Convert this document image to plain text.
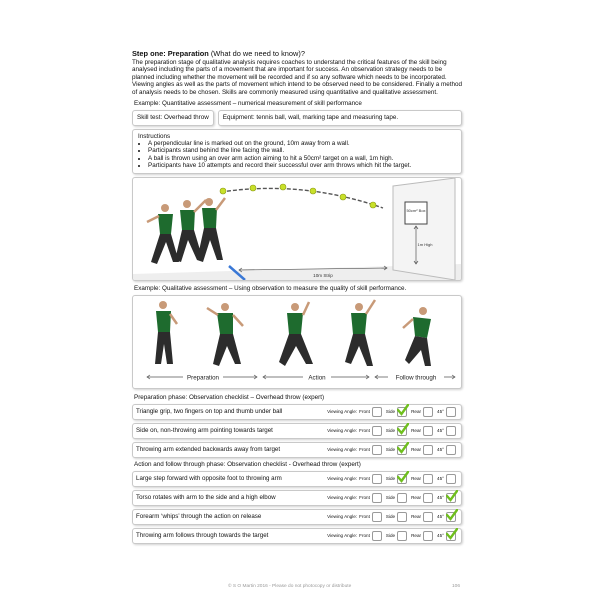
Step one: Preparation (What do we need to know)?

The preparation stage of qualitative analysis requires coaches to understand the critical features of the skill being analysed including the parts of a movement that are important for success. An observation strategy needs to be planned including whether the movement will be recorded and if so any software which needs to be incorporated. Viewing angles as well as the parts of movement which intend to be observed need to be considered. Finally a method of analysis needs to be chosen. Skills are commonly measured using quantitative and qualitative assessment.

Example: Quantitative assessment – numerical measurement of skill performance

Skill test: Overhead throw	Equipment: tennis ball, wall, marking tape and measuring tape.
Instructions
• A perpendicular line is marked out on the ground, 10m away from a wall.
• Participants stand behind the line facing the wall.
• A ball is thrown using an over arm action aiming to hit a 50cm² target on a wall, 1m high.
• Participants have 10 attempts and record their successful over arm throws which hit the target.
50cm² Box
1m High
10m Strip

Example: Qualitative assessment – Using observation to measure the quality of skill performance.

Preparation	Action	Follow through

Preparation phase: Observation checklist – Overhead throw (expert)

Triangle grip, two fingers on top and thumb under ball	Viewing Angle: Front	Side	Rear	45°
Side on, non-throwing arm pointing towards target	Viewing Angle: Front	Side	Rear	45°
Throwing arm extended backwards away from target	Viewing Angle: Front	Side	Rear	45°

Action and follow through phase: Observation checklist - Overhead throw (expert)

Large step forward with opposite foot to throwing arm	Viewing Angle: Front	Side	Rear	45°
Torso rotates with arm to the side and a high elbow	Viewing Angle: Front	Side	Rear	45°
Forearm ‘whips’ through the action on release	Viewing Angle: Front	Side	Rear	45°
Throwing arm follows through towards the target	Viewing Angle: Front	Side	Rear	45°
© S O Martin 2016 - Please do not photocopy or distribute	106
